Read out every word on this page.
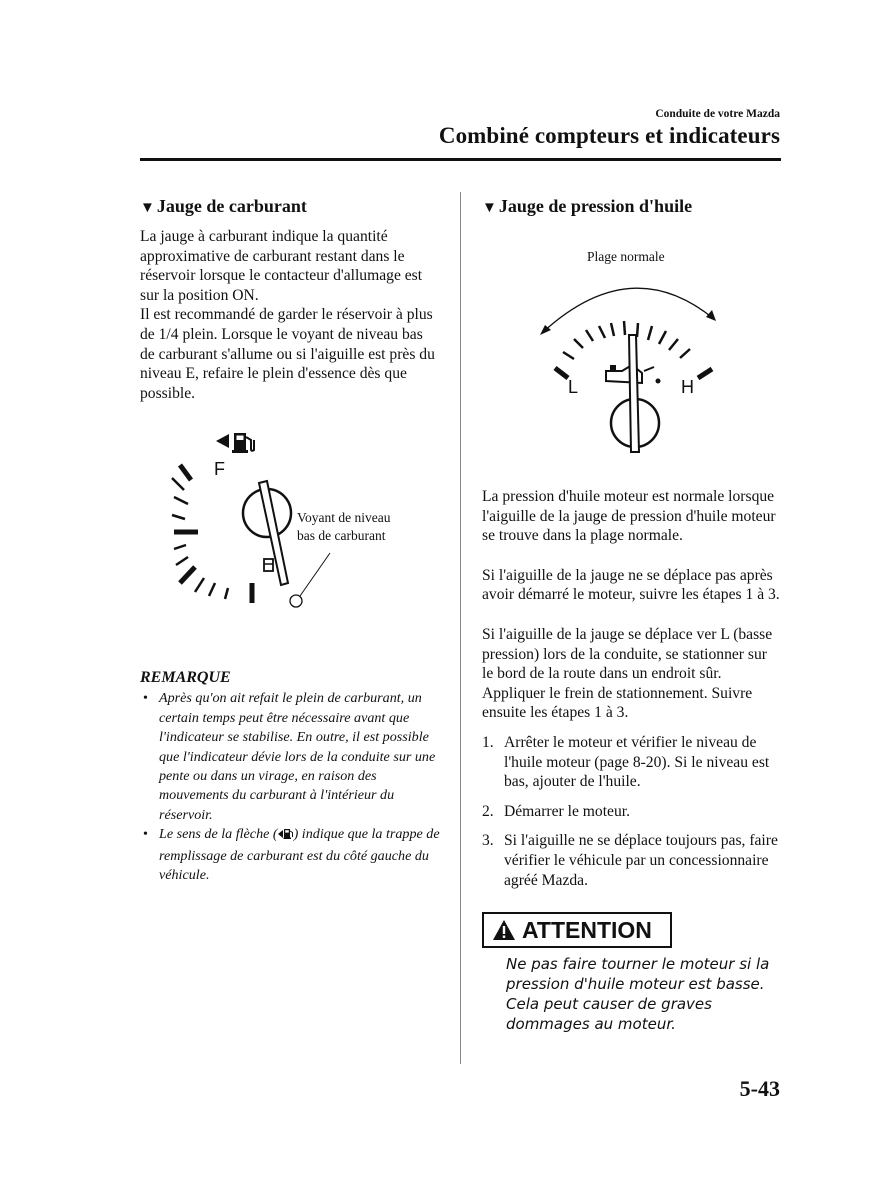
Conduite de votre Mazda
Combiné compteurs et indicateurs
▼ Jauge de carburant

La jauge à carburant indique la quantité approximative de carburant restant dans le réservoir lorsque le contacteur d'allumage est sur la position ON.

Il est recommandé de garder le réservoir à plus de 1/4 plein. Lorsque le voyant de niveau bas de carburant s'allume ou si l'aiguille est près du niveau E, refaire le plein d'essence dès que possible.

F
Voyant de niveau
bas de carburant
REMARQUE
• Après qu'on ait refait le plein de carburant, un certain temps peut être nécessaire avant que l'indicateur se stabilise. En outre, il est possible que l'indicateur dévie lors de la conduite sur une pente ou dans un virage, en raison des mouvements du carburant à l'intérieur du réservoir.
• Le sens de la flèche ( ) indique que la trappe de remplissage de carburant est du côté gauche du véhicule.
▼ Jauge de pression d'huile
Plage normale
L	H

La pression d'huile moteur est normale lorsque l'aiguille de la jauge de pression d'huile moteur se trouve dans la plage normale.

Si l'aiguille de la jauge ne se déplace pas après avoir démarré le moteur, suivre les étapes 1 à 3.

Si l'aiguille de la jauge se déplace ver L (basse pression) lors de la conduite, se stationner sur le bord de la route dans un endroit sûr. Appliquer le frein de stationnement. Suivre ensuite les étapes 1 à 3.

1. Arrêter le moteur et vérifier le niveau de l'huile moteur (page 8-20). Si le niveau est bas, ajouter de l'huile.
2. Démarrer le moteur.
3. Si l'aiguille ne se déplace toujours pas, faire vérifier le véhicule par un concessionnaire agréé Mazda.
ATTENTION
Ne pas faire tourner le moteur si la pression d'huile moteur est basse. Cela peut causer de graves dommages au moteur.
5-43
